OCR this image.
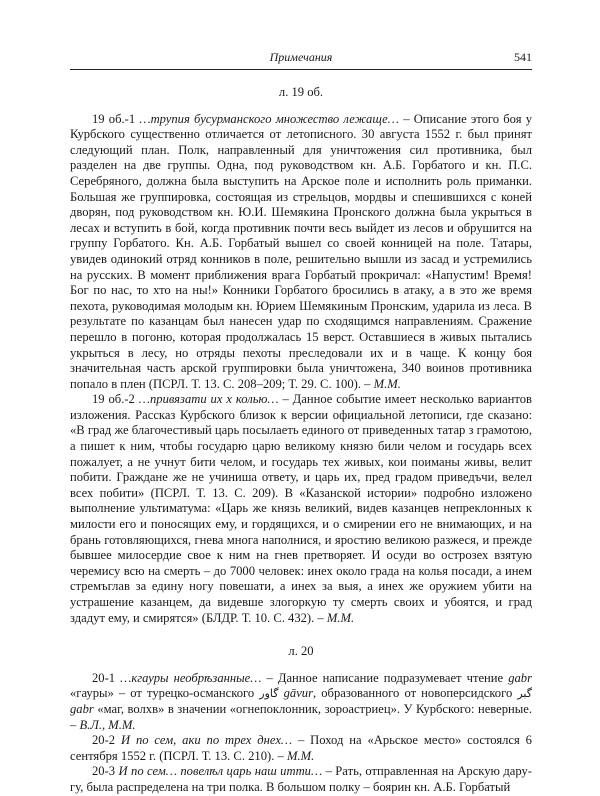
Примечания	541
л. 19 об.

19 об.-1 …трупия бусурманского множество лежаще… – Описание этого боя у Курбского существенно отличается от летописного. 30 августа 1552 г. был принят следующий план. Полк, направленный для уничтожения сил противника, был разделен на две группы. Одна, под руководством кн. А.Б. Горбатого и кн. П.С. Серебряного, должна была выступить на Арское поле и исполнить роль приманки. Большая же группировка, состоящая из стрельцов, мордвы и спешившихся с коней дворян, под руководством кн. Ю.И. Шемякина Пронского должна была укрыться в лесах и вступить в бой, когда противник почти весь выйдет из лесов и обрушится на группу Горбатого. Кн. А.Б. Горбатый вышел со своей конницей на поле. Татары, увидев одинокий отряд конников в поле, решительно вышли из засад и устремились на русских. В момент приближения врага Горбатый прокричал: «Напустим! Время! Бог по нас, то хто на ны!» Конники Горбатого бросились в атаку, а в это же время пехота, руководимая молодым кн. Юрием Шемякиным Пронским, ударила из леса. В результате по казанцам был нанесен удар по сходящимся направлениям. Сражение перешло в погоню, которая продолжалась 15 верст. Оставшиеся в живых пытались укрыться в лесу, но отряды пехоты преследовали их и в чаще. К концу боя значительная часть арской группировки была уничтожена, 340 воинов противника попало в плен (ПСРЛ. Т. 13. С. 208–209; Т. 29. С. 100). – М.М.

19 об.-2 …привязати их х колью… – Данное событие имеет несколько вариантов изложения. Рассказ Курбского близок к версии официальной летописи, где сказано: «В град же благочестивый царь посылаеть единого от приведенных татар з грамотою, а пишет к ним, чтобы государю царю великому князю били челом и государь всех пожалует, а не учнут бити челом, и государь тех живых, кои поиманы живы, велит побити. Граждане же не учиниша ответу, и царь их, пред градом приведъчи, велел всех побити» (ПСРЛ. Т. 13. С. 209). В «Казанской истории» подробно изложено выполнение ультиматума: «Царь же князь великий, видев казанцев непреклонных к милости его и поносящих ему, и гордящихся, и о смирении его не внимающих, и на брань готовляющихся, гнева многа наполнися, и яростию великою разжеся, и прежде бывшее милосердие свое к ним на гнев претворяет. И осуди во острозех взятую черемису всю на смерть – до 7000 человек: инех около града на колья посади, а инем стремъглав за едину ногу повешати, а инех за выя, а инех же оружием убити на устрашение казанцем, да видевше злогоркую ту смерть своих и убоятся, и град здадут ему, и смирятся» (БЛДР. Т. 10. С. 432). – М.М.

л. 20

20-1 …кгауры необрѣзанные… – Данное написание подразумевает чтение gabr «гауры» – от турецко-османского گاور gāvur, образованного от новоперсидского گبر gabr «маг, волхв» в значении «огнепоклонник, зороастриец». У Курбского: неверные. – В.Л., М.М.

20-2 И по сем, аки по трех днех… – Поход на «Арьское место» состоялся 6 сентября 1552 г. (ПСРЛ. Т. 13. С. 210). – М.М.

20-3 И по сем… повелѣл царь наш итти… – Рать, отправленная на Арскую даругу, была распределена на три полка. В большом полку – боярин кн. А.Б. Горбатый
